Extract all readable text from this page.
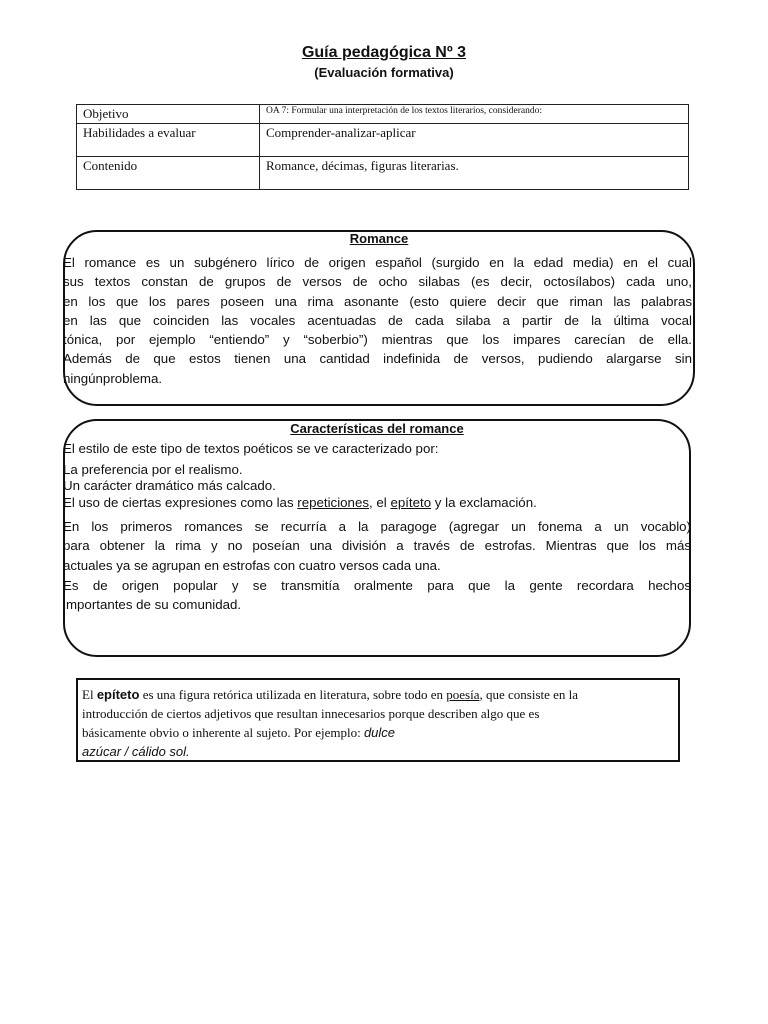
Guía pedagógica Nº 3
(Evaluación formativa)
Objetivo	OA 7: Formular una interpretación de los textos literarios, considerando:
Habilidades a evaluar	Comprender-analizar-aplicar
Contenido	Romance, décimas, figuras literarias.
Romance
El romance es un subgénero lírico de origen español (surgido en la edad media) en el cual
sus textos constan de grupos de versos de ocho silabas (es decir, octosílabos) cada uno,
en los que los pares poseen una rima asonante (esto quiere decir que riman las palabras
en las que coinciden las vocales acentuadas de cada silaba a partir de la última vocal
tónica, por ejemplo “entiendo” y “soberbio”) mientras que los impares carecían de ella.
Además de que estos tienen una cantidad indefinida de versos, pudiendo alargarse sin
ningúnproblema.
Características del romance
El estilo de este tipo de textos poéticos se ve caracterizado por:
La preferencia por el realismo.
Un carácter dramático más calcado.
El uso de ciertas expresiones como las repeticiones, el epíteto y la exclamación.
En los primeros romances se recurría a la paragoge (agregar un fonema a un vocablo)
para obtener la rima y no poseían una división a través de estrofas. Mientras que los más
actuales ya se agrupan en estrofas con cuatro versos cada una.
Es de origen popular y se transmitía oralmente para que la gente recordara hechos
importantes de su comunidad.
El epíteto es una figura retórica utilizada en literatura, sobre todo en poesía, que consiste en la
introducción de ciertos adjetivos que resultan innecesarios porque describen algo que es
básicamente obvio o inherente al sujeto. Por ejemplo: dulce
azúcar / cálido sol.
